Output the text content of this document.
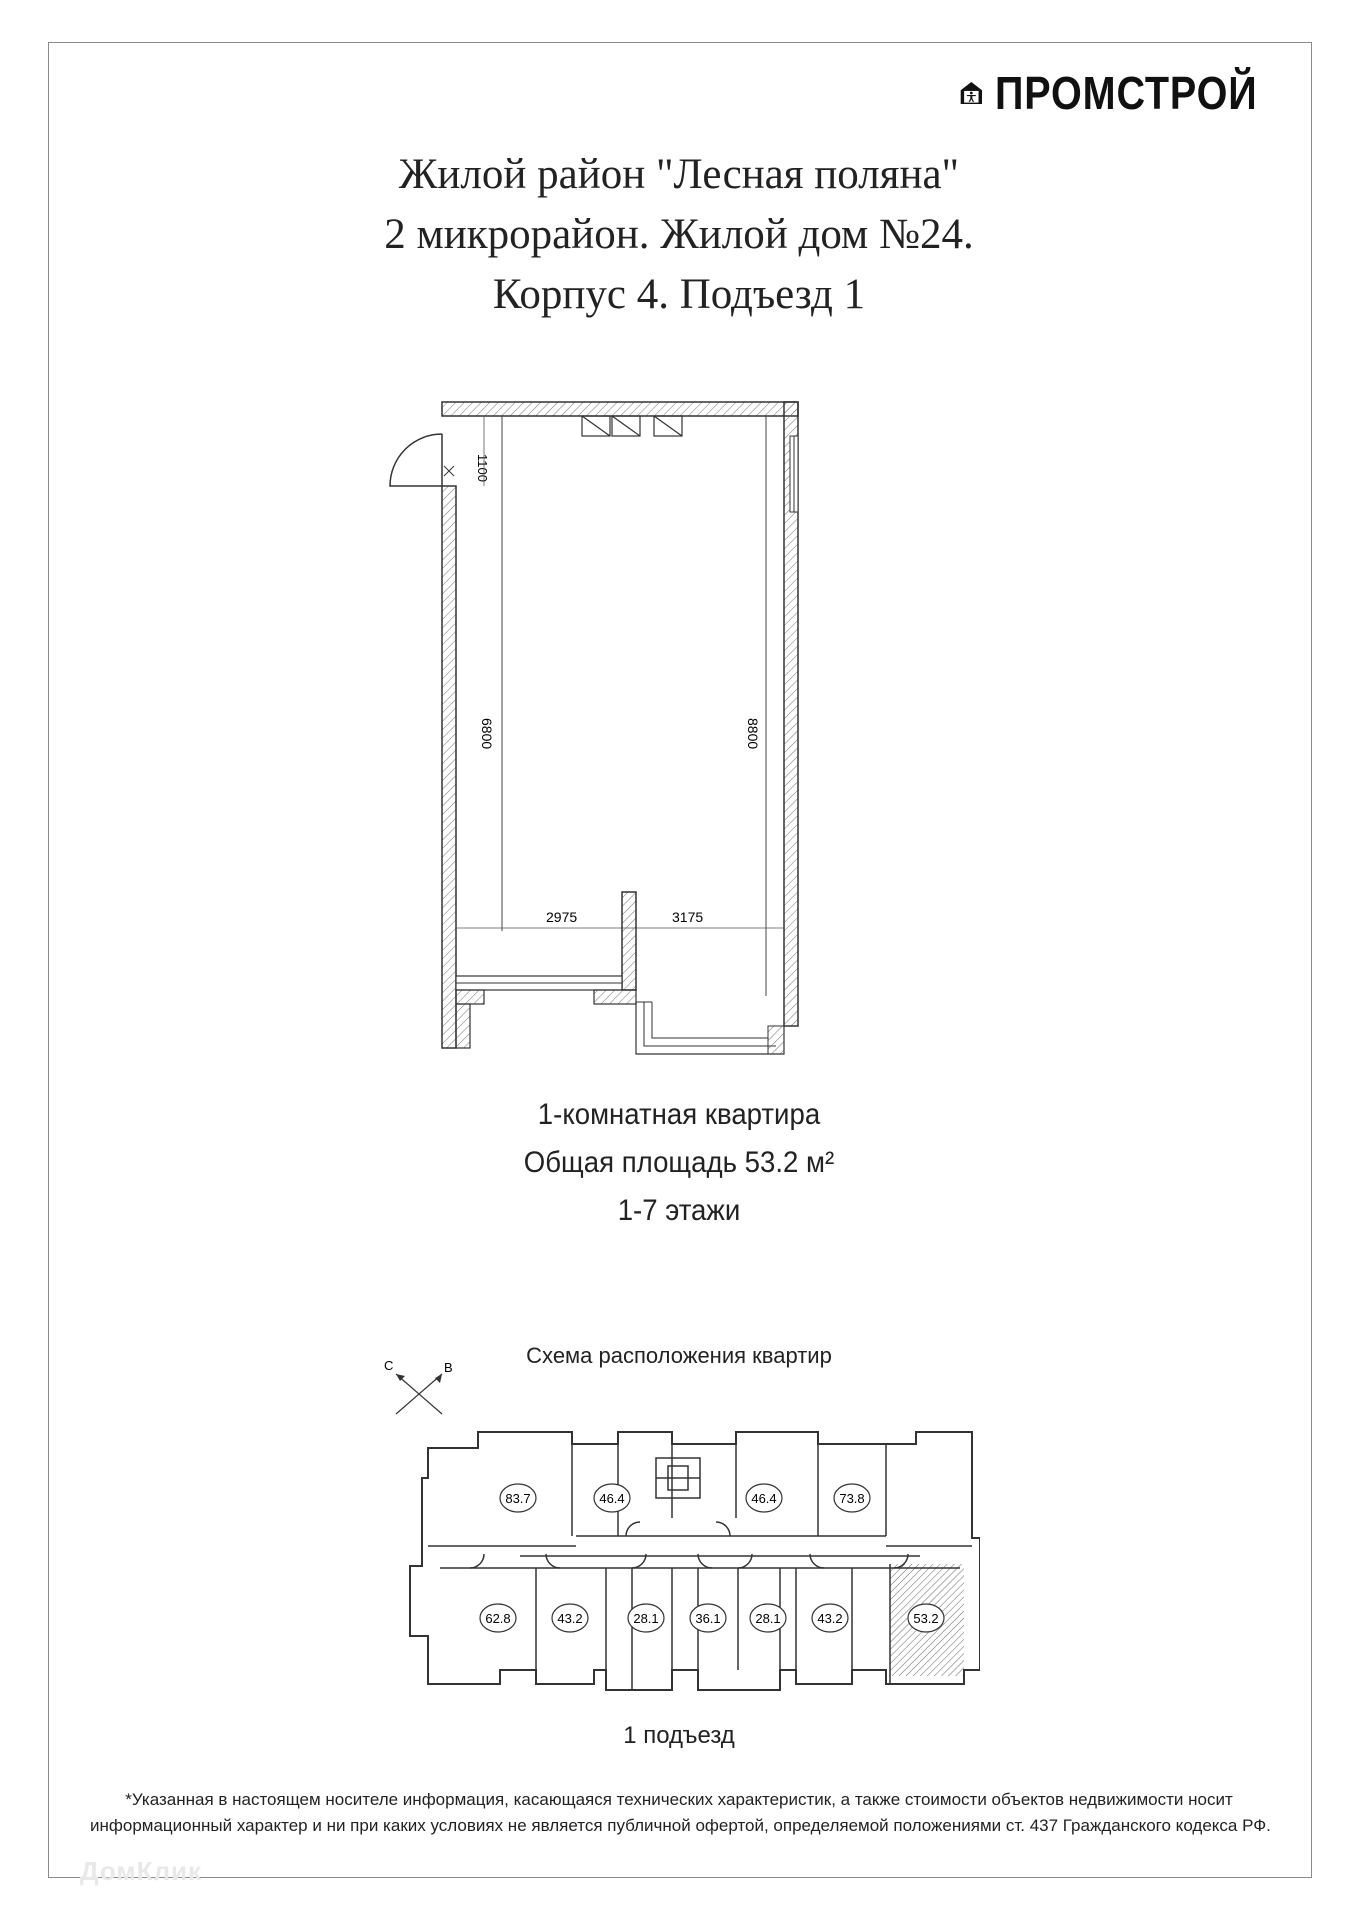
ПРОМСТРОЙ
Жилой район "Лесная поляна"
2 микрорайон. Жилой дом №24.
Корпус 4. Подъезд 1
1100
6800	8800
2975	3175
1-комнатная квартира
Общая площадь 53.2 м²
1-7 этажи
Схема расположения квартир
С	В
83.7	46.4	46.4	73.8
62.8	43.2	28.1	36.1	28.1	43.2	53.2
1 подъезд
*Указанная в настоящем носителе информация, касающаяся технических характеристик, а также стоимости объектов недвижимости носит
информационный характер и ни при каких условиях не является публичной офертой, определяемой положениями ст. 437 Гражданского кодекса РФ.
ДомКлик
